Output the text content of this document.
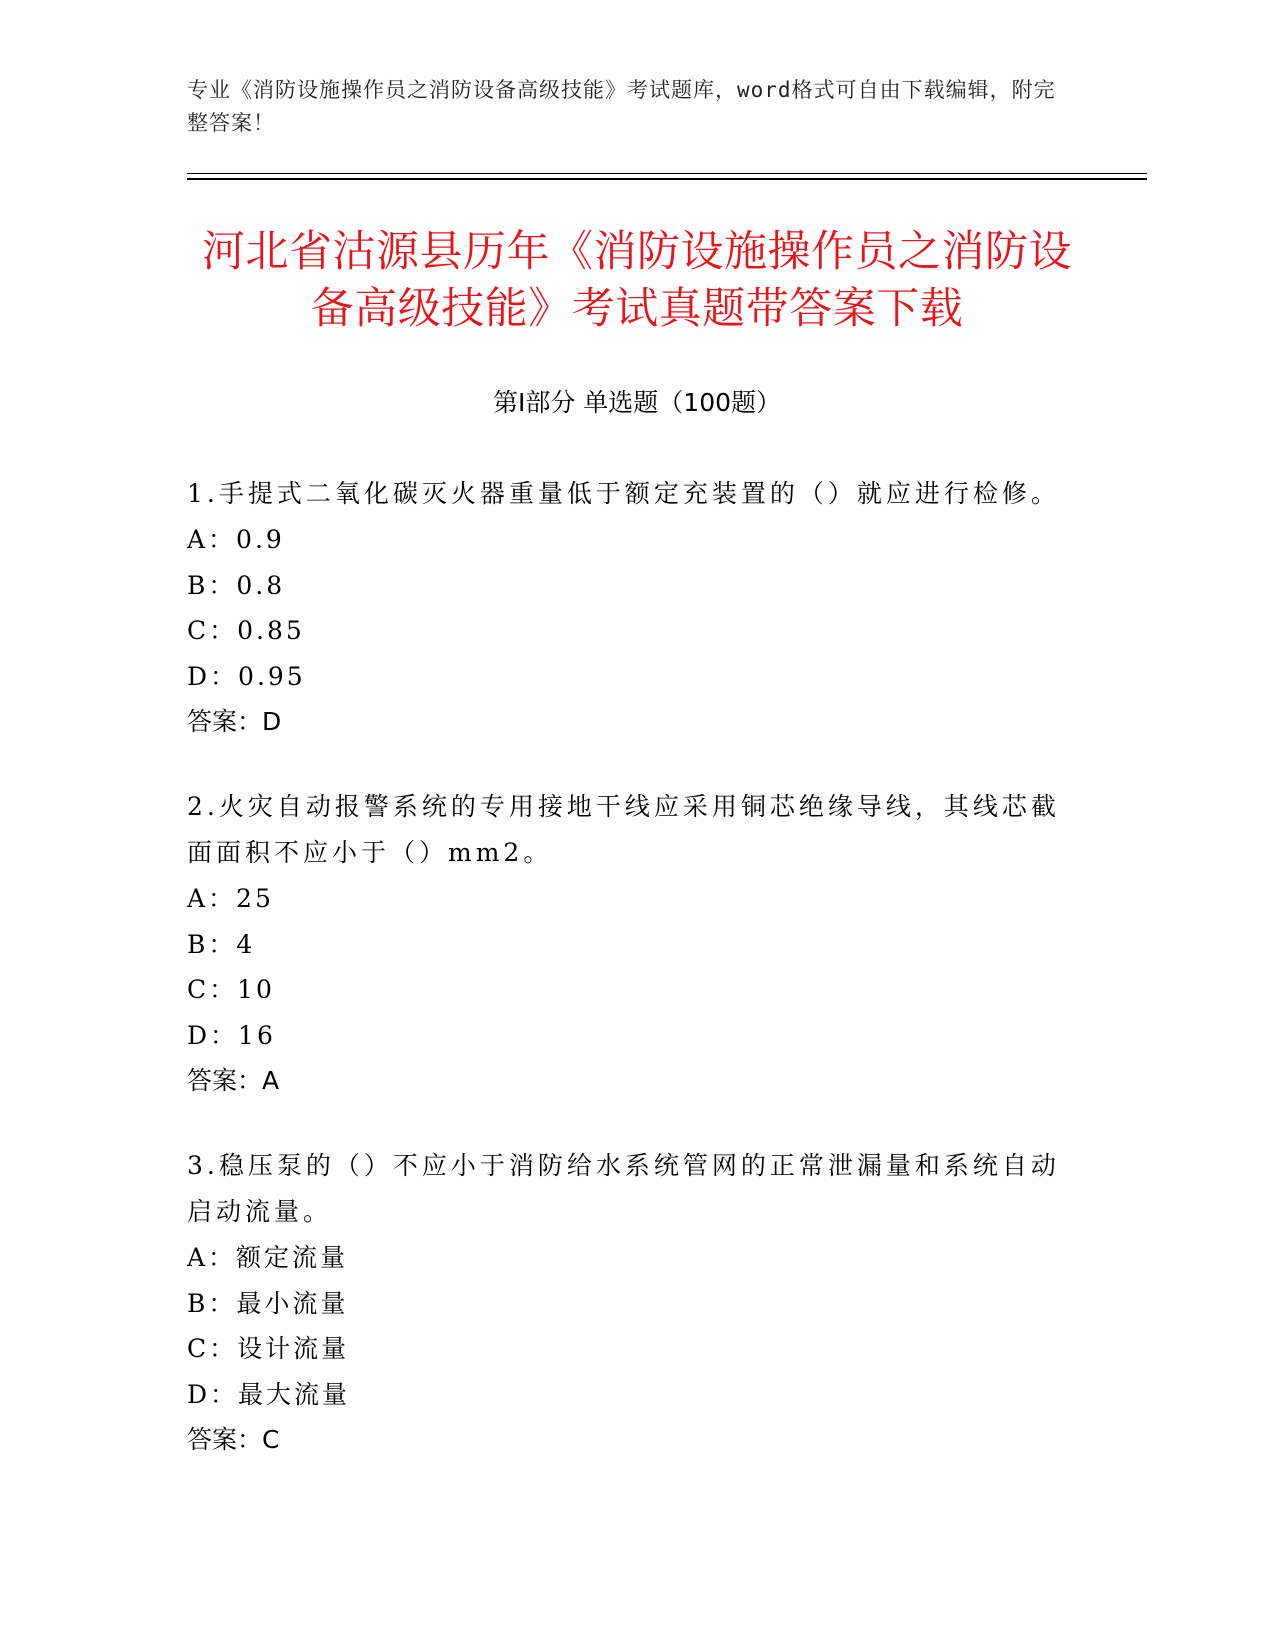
专业《消防设施操作员之消防设备高级技能》考试题库，word格式可自由下载编辑，附完整答案！
河北省沽源县历年《消防设施操作员之消防设备高级技能》考试真题带答案下载
第Ⅰ部分 单选题（100题）

1.手提式二氧化碳灭火器重量低于额定充装置的（）就应进行检修。

A：0.9

B：0.8

C：0.85

D：0.95

答案：D

2.火灾自动报警系统的专用接地干线应采用铜芯绝缘导线，其线芯截面面积不应小于（）mm2。

A：25

B：4

C：10

D：16

答案：A

3.稳压泵的（）不应小于消防给水系统管网的正常泄漏量和系统自动启动流量。

A：额定流量

B：最小流量

C：设计流量

D：最大流量

答案：C
